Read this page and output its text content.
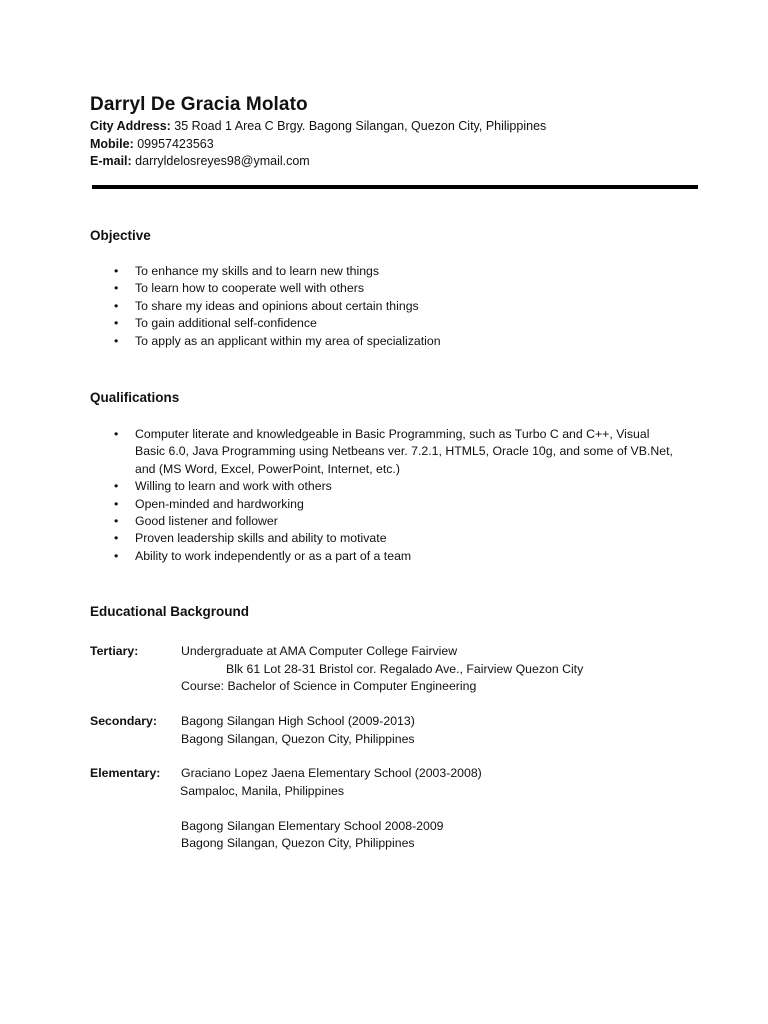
Darryl De Gracia Molato
City Address: 35 Road 1 Area C Brgy. Bagong Silangan, Quezon City, Philippines
Mobile: 09957423563
E-mail: darryldelosreyes98@ymail.com
Objective
• To enhance my skills and to learn new things
• To learn how to cooperate well with others
• To share my ideas and opinions about certain things
• To gain additional self-confidence
• To apply as an applicant within my area of specialization
Qualifications
• Computer literate and knowledgeable in Basic Programming, such as Turbo C and C++, Visual
Basic 6.0, Java Programming using Netbeans ver. 7.2.1, HTML5, Oracle 10g, and some of VB.Net,
and (MS Word, Excel, PowerPoint, Internet, etc.)
• Willing to learn and work with others
• Open-minded and hardworking
• Good listener and follower
• Proven leadership skills and ability to motivate
• Ability to work independently or as a part of a team
Educational Background
Tertiary:	Undergraduate at AMA Computer College Fairview
Blk 61 Lot 28-31 Bristol cor. Regalado Ave., Fairview Quezon City
Course: Bachelor of Science in Computer Engineering
Secondary:	Bagong Silangan High School (2009-2013)
Bagong Silangan, Quezon City, Philippines
Elementary:	Graciano Lopez Jaena Elementary School (2003-2008)
Sampaloc, Manila, Philippines
Bagong Silangan Elementary School 2008-2009
Bagong Silangan, Quezon City, Philippines
